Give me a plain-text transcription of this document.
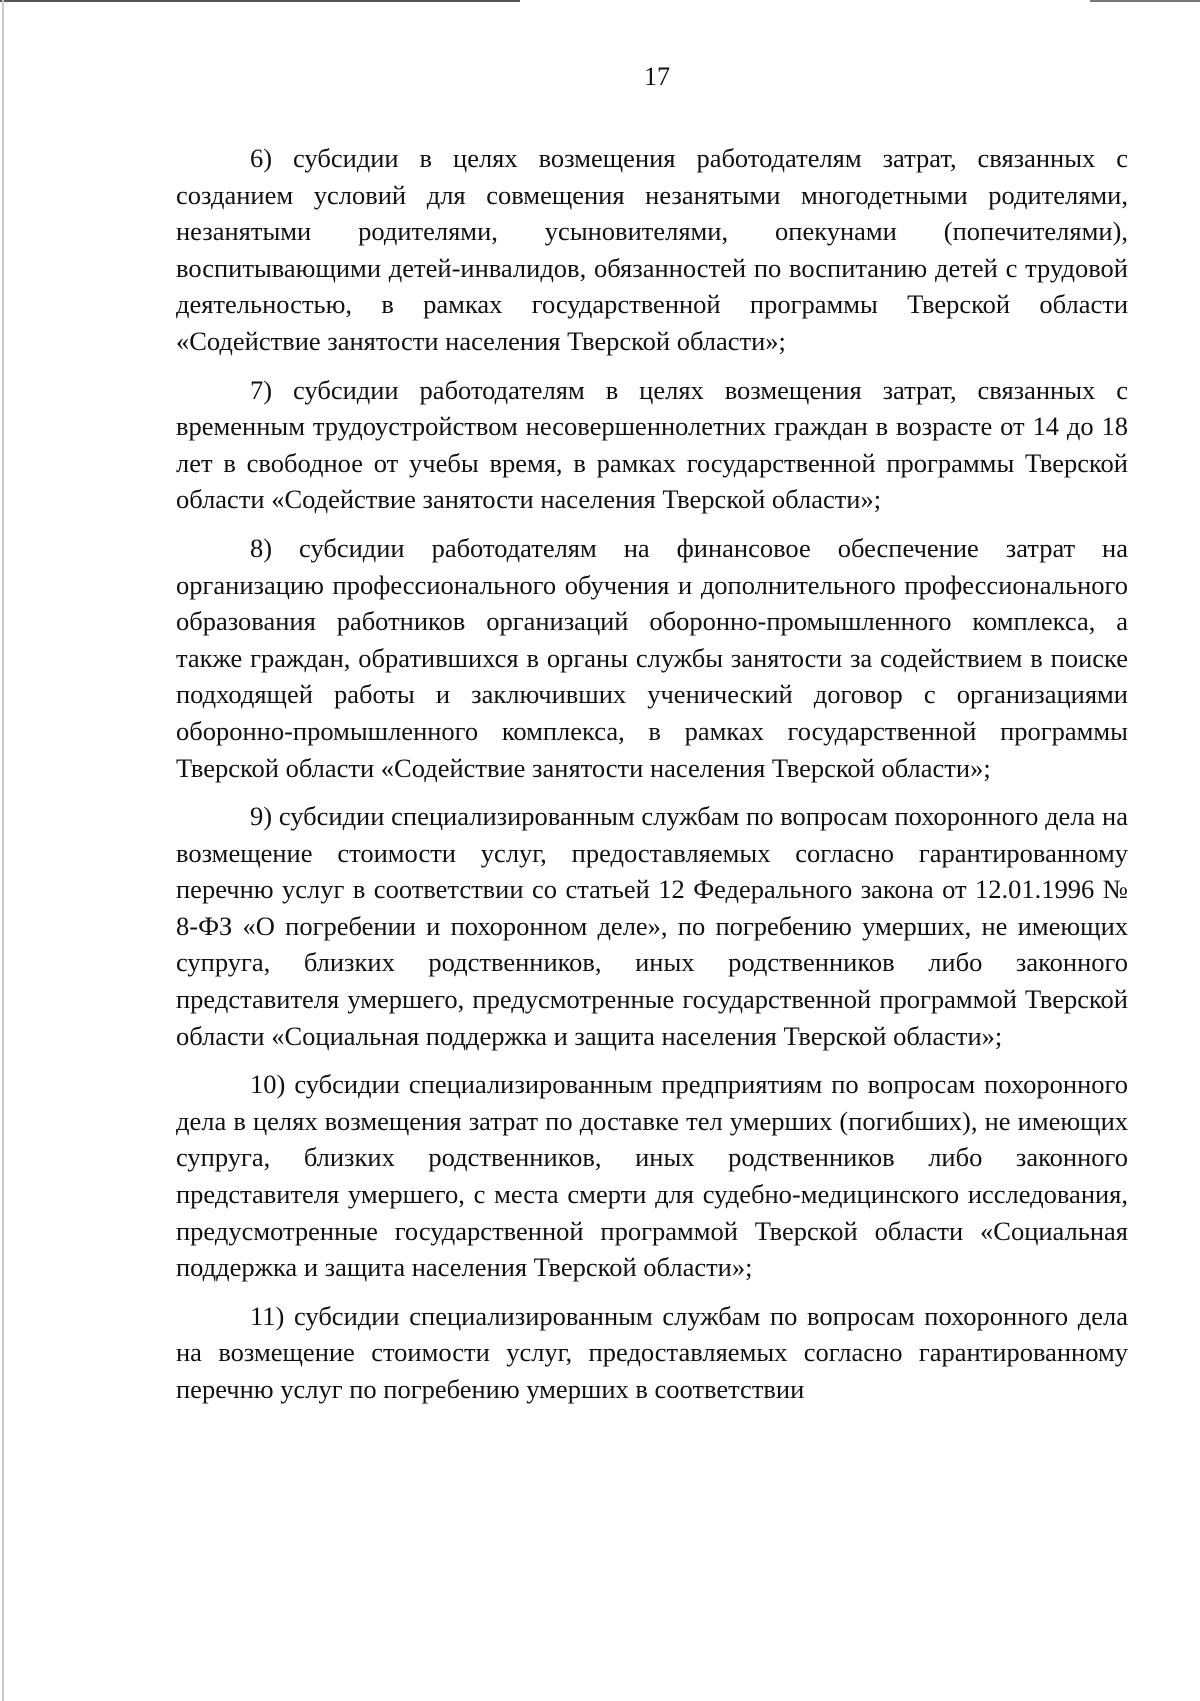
17

6) субсидии в целях возмещения работодателям затрат, связанных с созданием условий для совмещения незанятыми многодетными родителями, незанятыми родителями, усыновителями, опекунами (попечителями), воспитывающими детей-инвалидов, обязанностей по воспитанию детей с трудовой деятельностью, в рамках государственной программы Тверской области «Содействие занятости населения Тверской области»;

7) субсидии работодателям в целях возмещения затрат, связанных с временным трудоустройством несовершеннолетних граждан в возрасте от 14 до 18 лет в свободное от учебы время, в рамках государственной программы Тверской области «Содействие занятости населения Тверской области»;

8) субсидии работодателям на финансовое обеспечение затрат на организацию профессионального обучения и дополнительного профессионального образования работников организаций оборонно-промышленного комплекса, а также граждан, обратившихся в органы службы занятости за содействием в поиске подходящей работы и заключивших ученический договор с организациями оборонно-промышленного комплекса, в рамках государственной программы Тверской области «Содействие занятости населения Тверской области»;

9) субсидии специализированным службам по вопросам похоронного дела на возмещение стоимости услуг, предоставляемых согласно гарантированному перечню услуг в соответствии со статьей 12 Федерального закона от 12.01.1996 № 8-ФЗ «О погребении и похоронном деле», по погребению умерших, не имеющих супруга, близких родственников, иных родственников либо законного представителя умершего, предусмотренные государственной программой Тверской области «Социальная поддержка и защита населения Тверской области»;

10) субсидии специализированным предприятиям по вопросам похоронного дела в целях возмещения затрат по доставке тел умерших (погибших), не имеющих супруга, близких родственников, иных родственников либо законного представителя умершего, с места смерти для судебно-медицинского исследования, предусмотренные государственной программой Тверской области «Социальная поддержка и защита населения Тверской области»;

11) субсидии специализированным службам по вопросам похоронного дела на возмещение стоимости услуг, предоставляемых согласно гарантированному перечню услуг по погребению умерших в соответствии
